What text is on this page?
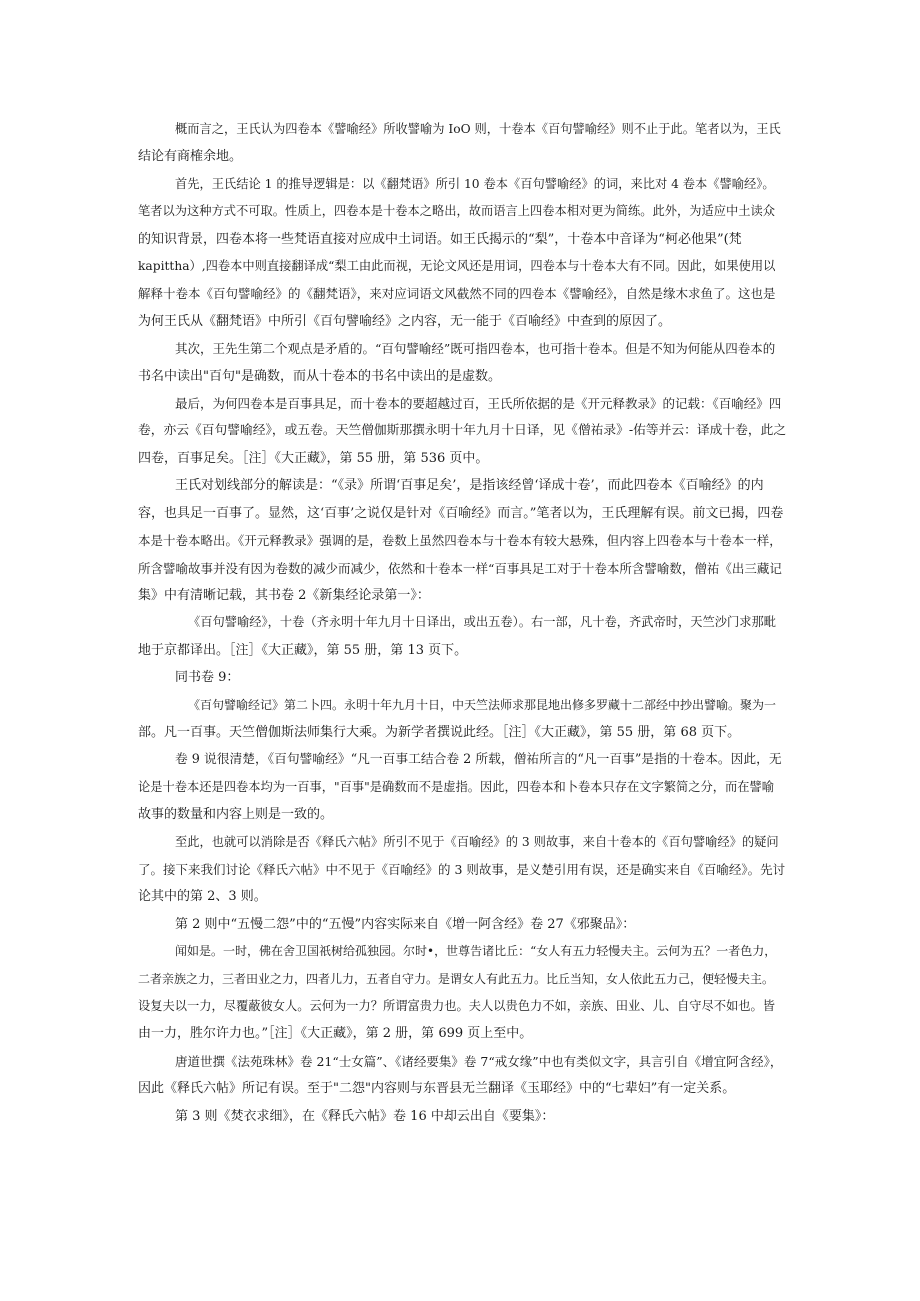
概而言之，王氏认为四卷本《譬喻经》所收譬喻为 IoO 则，十卷本《百句譬喻经》则不止于此。笔者以为，王氏
结论有商榷余地。
首先，王氏结论 1 的推导逻辑是：以《翻梵语》所引 10 卷本《百句譬喻经》的词，来比对 4 卷本《譬喻经》。
笔者以为这种方式不可取。性质上，四卷本是十卷本之略出，故而语言上四卷本相对更为简练。此外，为适应中土读众
的知识背景，四卷本将一些梵语直接对应成中土词语。如王氏揭示的“梨”，十卷本中音译为“柯必他果”(梵
kapittha）,四卷本中则直接翻译成“梨工由此而视，无论文风还是用词，四卷本与十卷本大有不同。因此，如果使用以
解释十卷本《百句譬喻经》的《翻梵语》，来对应词语文风截然不同的四卷本《譬喻经》，自然是缘木求鱼了。这也是
为何王氏从《翻梵语》中所引《百句譬喻经》之内容，无一能于《百喻经》中查到的原因了。
其次，王先生第二个观点是矛盾的。“百句譬喻经”既可指四卷本，也可指十卷本。但是不知为何能从四卷本的
书名中读出"百句"是确数，而从十卷本的书名中读出的是虚数。
最后，为何四卷本是百事具足，而十卷本的要超越过百，王氏所依据的是《开元释教录》的记载：《百喻经》四
卷，亦云《百句譬喻经》，或五卷。天竺僧伽斯那撰永明十年九月十日译，见《僧祐录》-佑等并云：译成十卷，此之
四卷，百事足矣。［注］《大正藏》，第 55 册，第 536 页中。
王氏对划线部分的解读是：“《录》所谓‘百事足矣’，是指该经曾‘译成十卷’，而此四卷本《百喻经》的内
容，也具足一百事了。显然，这‘百事’之说仅是针对《百喻经》而言。”笔者以为，王氏理解有误。前文已揭，四卷
本是十卷本略出。《开元释教录》强调的是，卷数上虽然四卷本与十卷本有较大悬殊，但内容上四卷本与十卷本一样，
所含譬喻故事并没有因为卷数的减少而减少，依然和十卷本一样“百事具足工对于十卷本所含譬喻数，僧祐《出三藏记
集》中有清晰记载，其书卷 2《新集经论录第一》：
《百句譬喻经》，十卷（齐永明十年九月十日译出，或出五卷）。右一部，凡十卷，齐武帝时，天竺沙门求那毗
地于京都译出。［注］《大正藏》，第 55 册，第 13 页下。
同书卷 9：
《百句譬喻经记》第二卜四。永明十年九月十日，中天竺法师求那昆地出修多罗藏十二部经中抄出譬喻。聚为一
部。凡一百事。天竺僧伽斯法师集行大乘。为新学者撰说此经。［注］《大正藏》，第 55 册，第 68 页下。
卷 9 说很清楚，《百句譬喻经》“凡一百事工结合卷 2 所载，僧祐所言的“凡一百事”是指的十卷本。因此，无
论是十卷本还是四卷本均为一百事，"百事"是确数而不是虚指。因此，四卷本和卜卷本只存在文字繁简之分，而在譬喻
故事的数量和内容上则是一致的。
至此，也就可以消除是否《释氏六帖》所引不见于《百喻经》的 3 则故事，来自十卷本的《百句譬喻经》的疑问
了。接下来我们讨论《释氏六帖》中不见于《百喻经》的 3 则故事，是义楚引用有误，还是确实来自《百喻经》。先讨
论其中的第 2、3 则。
第 2 则中“五慢二怨”中的“五慢”内容实际来自《增一阿含经》卷 27《邪聚品》：
闻如是。一时，佛在舍卫国祇树给孤独园。尔时•，世尊告诸比丘：“女人有五力轻慢夫主。云何为五？一者色力，
二者亲族之力，三者田业之力，四者儿力，五者自守力。是谓女人有此五力。比丘当知，女人依此五力己，便轻慢夫主。
设复夫以一力，尽覆蔽彼女人。云何为一力？所谓富贵力也。夫人以贵色力不如，亲族、田业、儿、自守尽不如也。皆
由一力，胜尔许力也。”［注］《大正藏》，第 2 册，第 699 页上至中。
唐道世撰《法苑珠林》卷 21“士女篇”、《诸经要集》卷 7“戒女缘”中也有类似文字，具言引自《增宜阿含经》，
因此《释氏六帖》所记有误。至于"二怨"内容则与东晋县无兰翻译《玉耶经》中的“七辈妇”有一定关系。
第 3 则《焚衣求细》，在《释氏六帖》卷 16 中却云出自《要集》：
